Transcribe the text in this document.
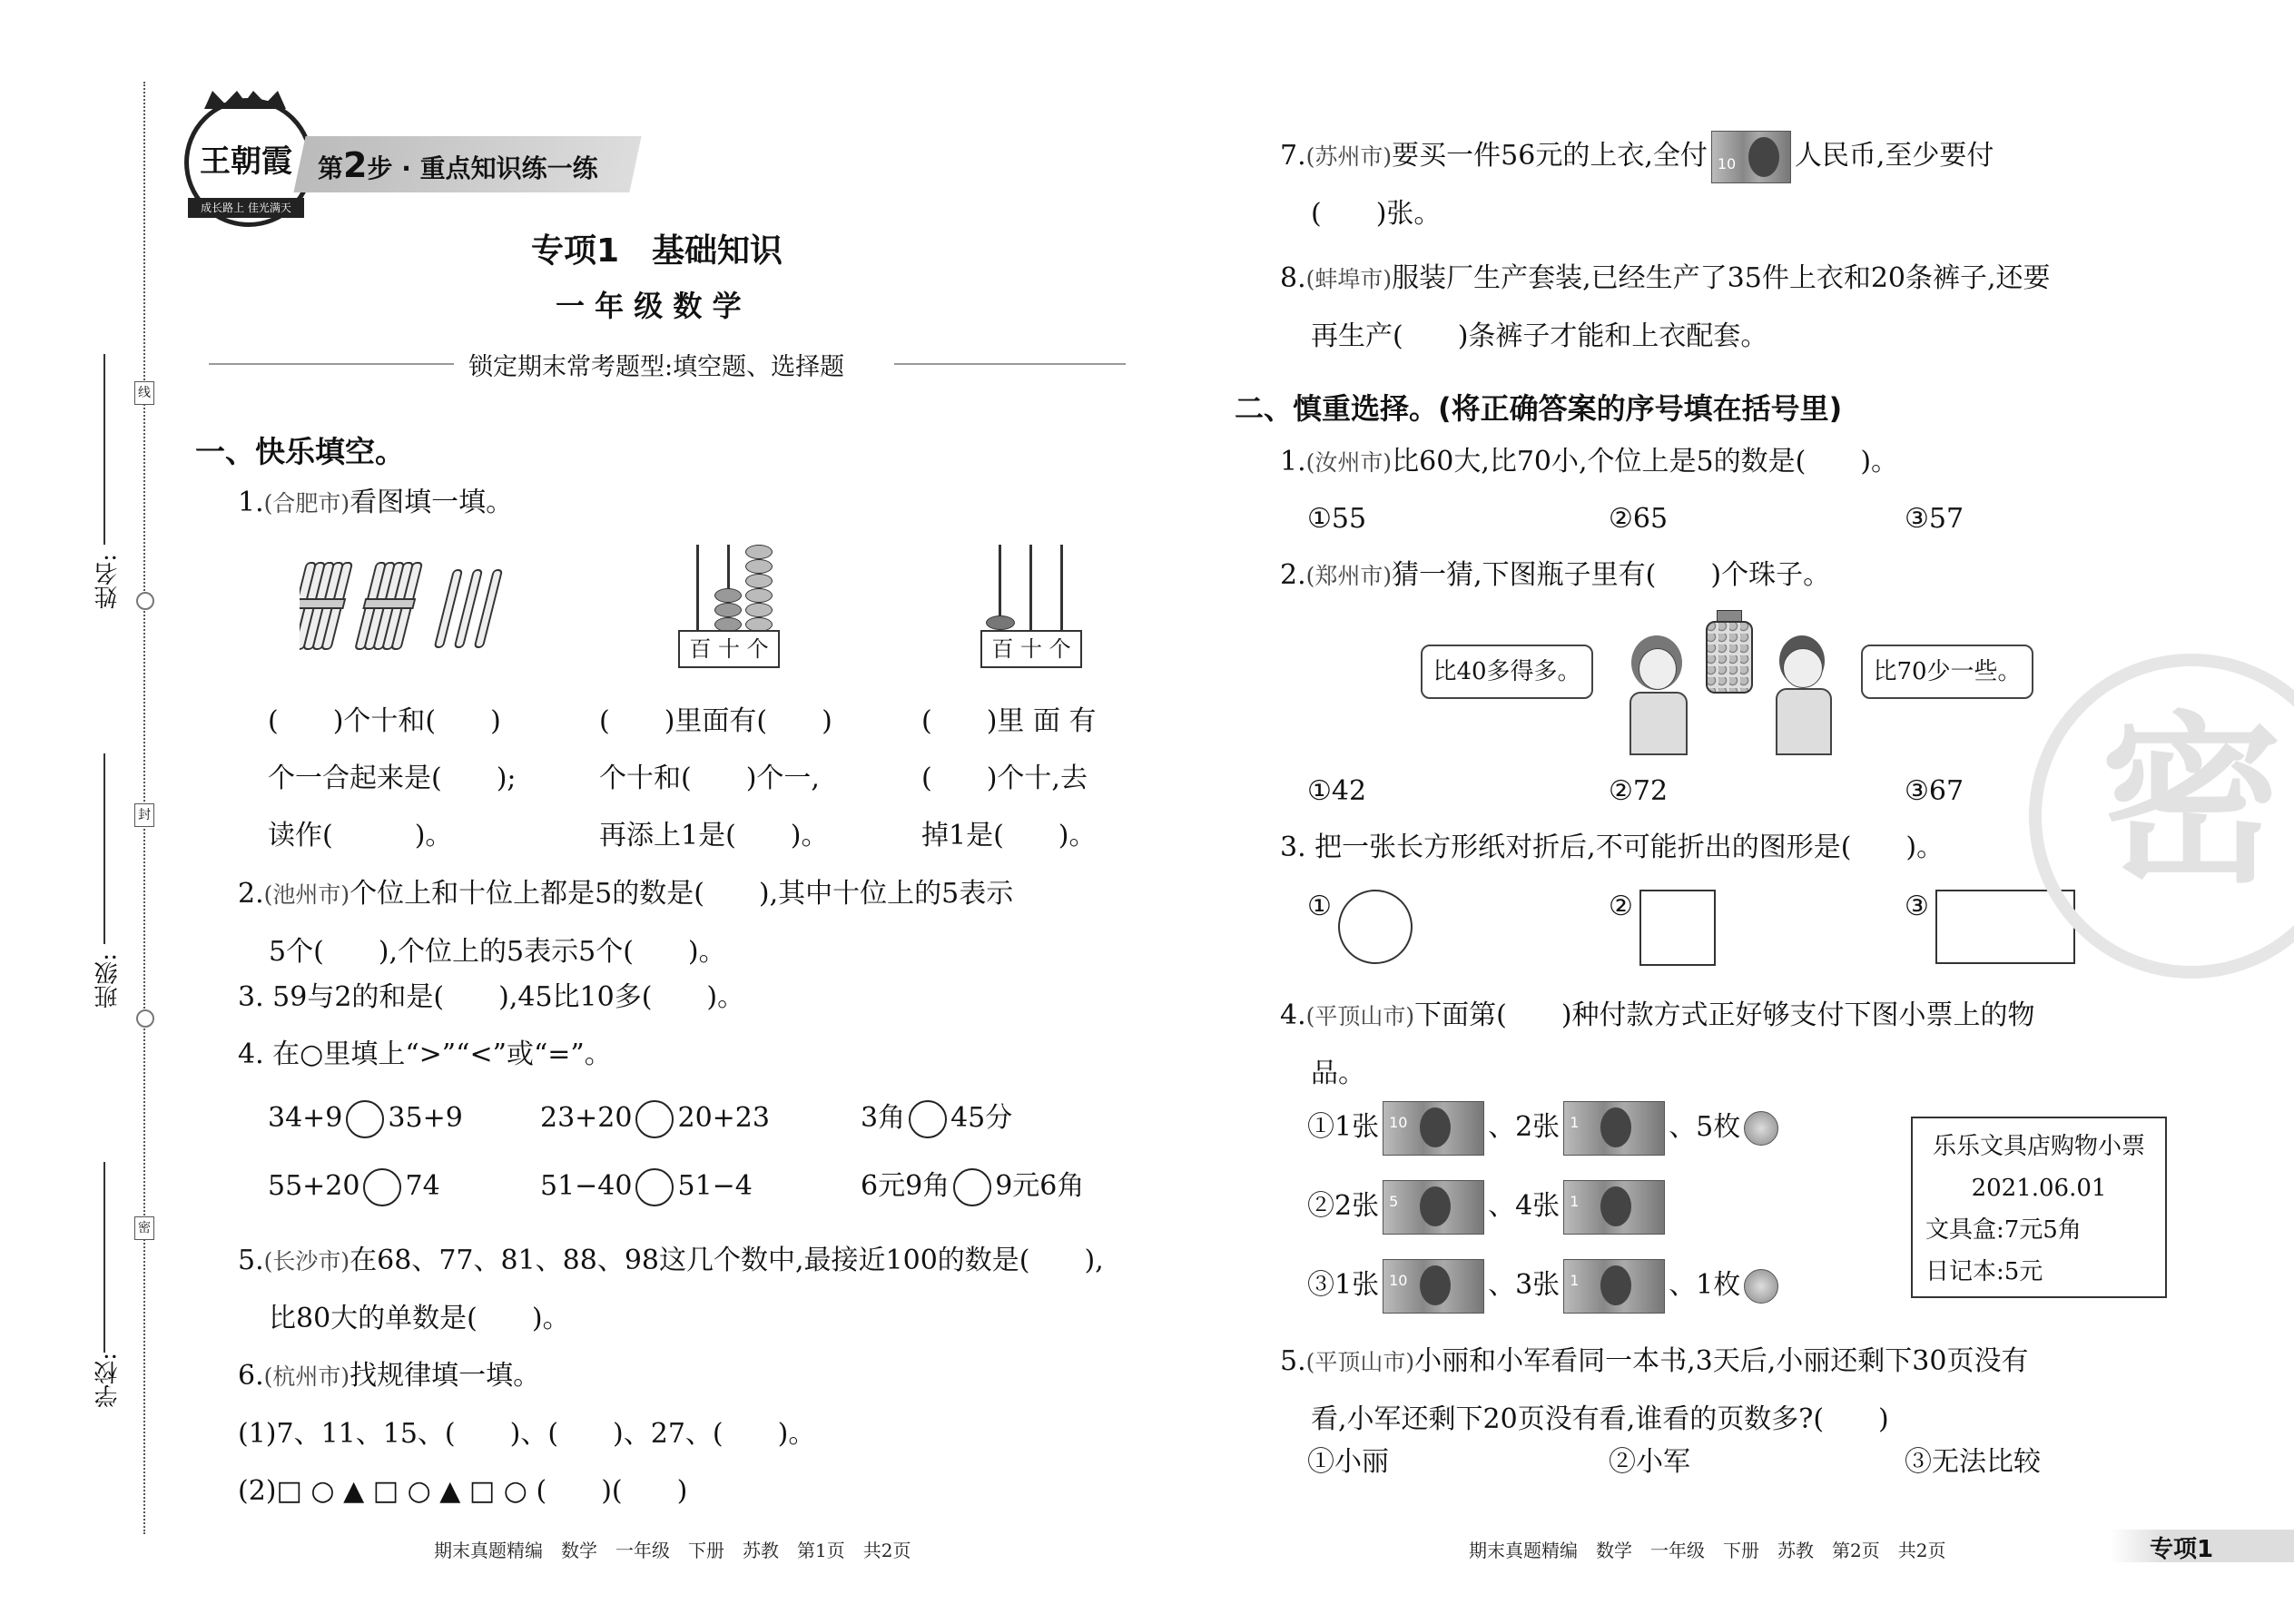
姓名:
班级:
学校:
线
封
密
王朝霞
成长路上 佳光满天
第2步 · 重点知识练一练
专项1　基础知识
一 年 级 数 学
锁定期末常考题型:填空题、选择题
一、快乐填空。
1.(合肥市)看图填一填。
百 十 个	百 十 个
(　　)个十和(　　)
个一合起来是(　　);
读作(　　　)。
(　　)里面有(　　)
个十和(　　)个一,
再添上1是(　　)。
(　　)里 面 有
(　　)个十,去
掉1是(　　)。
2.(池州市)个位上和十位上都是5的数是(　　),其中十位上的5表示
5个(　　),个位上的5表示5个(　　)。
3. 59与2的和是(　　),45比10多(　　)。
4. 在○里填上“>”“<”或“=”。
34+9 35+9	23+20 20+23	3角 45分
55+20 74	51−40 51−4	6元9角 9元6角
5.(长沙市)在68、77、81、88、98这几个数中,最接近100的数是(　　),
比80大的单数是(　　)。
6.(杭州市)找规律填一填。
(1)7、11、15、(　　)、(　　)、27、(　　)。
(2)□ ○ ▲ □ ○ ▲ □ ○ (　　)(　　)
期末真题精编　数学　一年级　下册　苏教　第1页　共2页
7.(苏州市)要买一件56元的上衣,全付 10 人民币,至少要付
(　　)张。
8.(蚌埠市)服装厂生产套装,已经生产了35件上衣和20条裤子,还要
再生产(　　)条裤子才能和上衣配套。
二、慎重选择。(将正确答案的序号填在括号里)
1.(汝州市)比60大,比70小,个位上是5的数是(　　)。
①55	②65	③57
2.(郑州市)猜一猜,下图瓶子里有(　　)个珠子。
比40多得多。	比70少一些。
①42	②72	③67
3. 把一张长方形纸对折后,不可能折出的图形是(　　)。
①	②	③
4.(平顶山市)下面第(　　)种付款方式正好够支付下图小票上的物
品。
①1张 10	、2张 1	、5枚
②2张 5	、4张 1
③1张 10	、3张 1	、1枚
乐乐文具店购物小票
2021.06.01
文具盒:7元5角
日记本:5元
5.(平顶山市)小丽和小军看同一本书,3天后,小丽还剩下30页没有
看,小军还剩下20页没有看,谁看的页数多?(　　)
①小丽	②小军	③无法比较
密
期末真题精编　数学　一年级　下册　苏教　第2页　共2页	专项1
